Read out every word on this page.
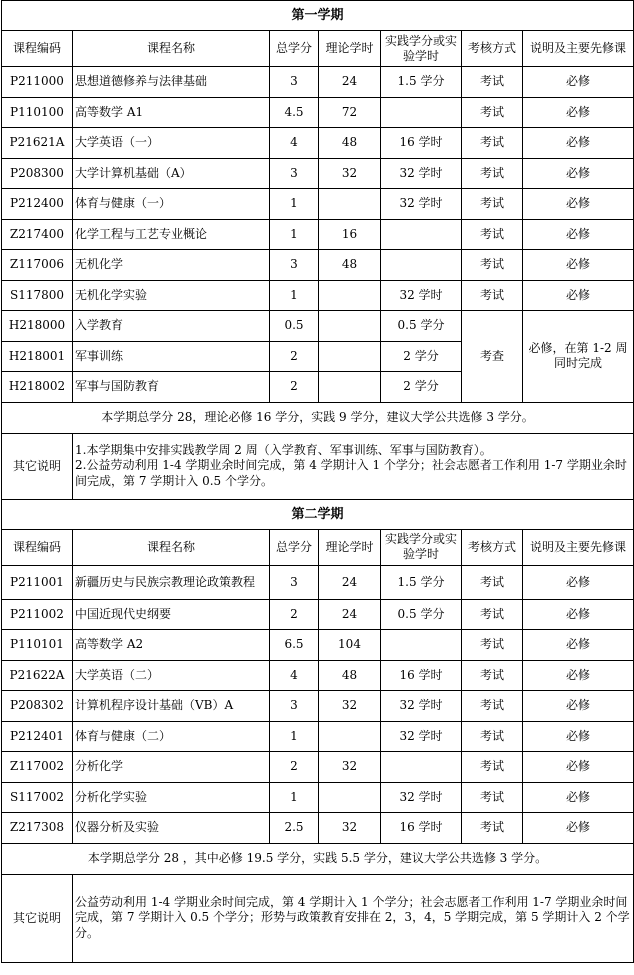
第一学期						
课程编码	课程名称	总学分	理论学时	实践学分或实验学时	考核方式	说明及主要先修课
P211000	思想道德修养与法律基础	3	24	1.5 学分	考试	必修
P110100	高等数学 A1	4.5	72		考试	必修
P21621A	大学英语（一）	4	48	16 学时	考试	必修
P208300	大学计算机基础（A）	3	32	32 学时	考试	必修
P212400	体育与健康（一）	1		32 学时	考试	必修
Z217400	化学工程与工艺专业概论	1	16		考试	必修
Z117006	无机化学	3	48		考试	必修
S117800	无机化学实验	1		32 学时	考试	必修
H218000	入学教育	0.5		0.5 学分	考查	必修，在第 1-2 周同时完成
H218001	军事训练	2		2 学分		
H218002	军事与国防教育	2		2 学分		
本学期总学分 28，理论必修 16 学分，实践 9 学分，建议大学公共选修 3 学分。						
其它说明	1.本学期集中安排实践教学周 2 周（入学教育、军事训练、军事与国防教育）。
2.公益劳动利用 1-4 学期业余时间完成，第 4 学期计入 1 个学分；社会志愿者工作利用 1-7 学期业余时间完成，第 7 学期计入 0.5 个学分。					

第二学期						
课程编码	课程名称	总学分	理论学时	实践学分或实验学时	考核方式	说明及主要先修课
P211001	新疆历史与民族宗教理论政策教程	3	24	1.5 学分	考试	必修
P211002	中国近现代史纲要	2	24	0.5 学分	考试	必修
P110101	高等数学 A2	6.5	104		考试	必修
P21622A	大学英语（二）	4	48	16 学时	考试	必修
P208302	计算机程序设计基础（VB）A	3	32	32 学时	考试	必修
P212401	体育与健康（二）	1		32 学时	考试	必修
Z117002	分析化学	2	32		考试	必修
S117002	分析化学实验	1		32 学时	考试	必修
Z217308	仪器分析及实验	2.5	32	16 学时	考试	必修
本学期总学分 28 ，其中必修 19.5 学分，实践 5.5 学分，建议大学公共选修 3 学分。						
其它说明	公益劳动利用 1-4 学期业余时间完成，第 4 学期计入 1 个学分；社会志愿者工作利用 1-7 学期业余时间完成，第 7 学期计入 0.5 个学分；形势与政策教育安排在 2，3，4，5 学期完成，第 5 学期计入 2 个学分。					
